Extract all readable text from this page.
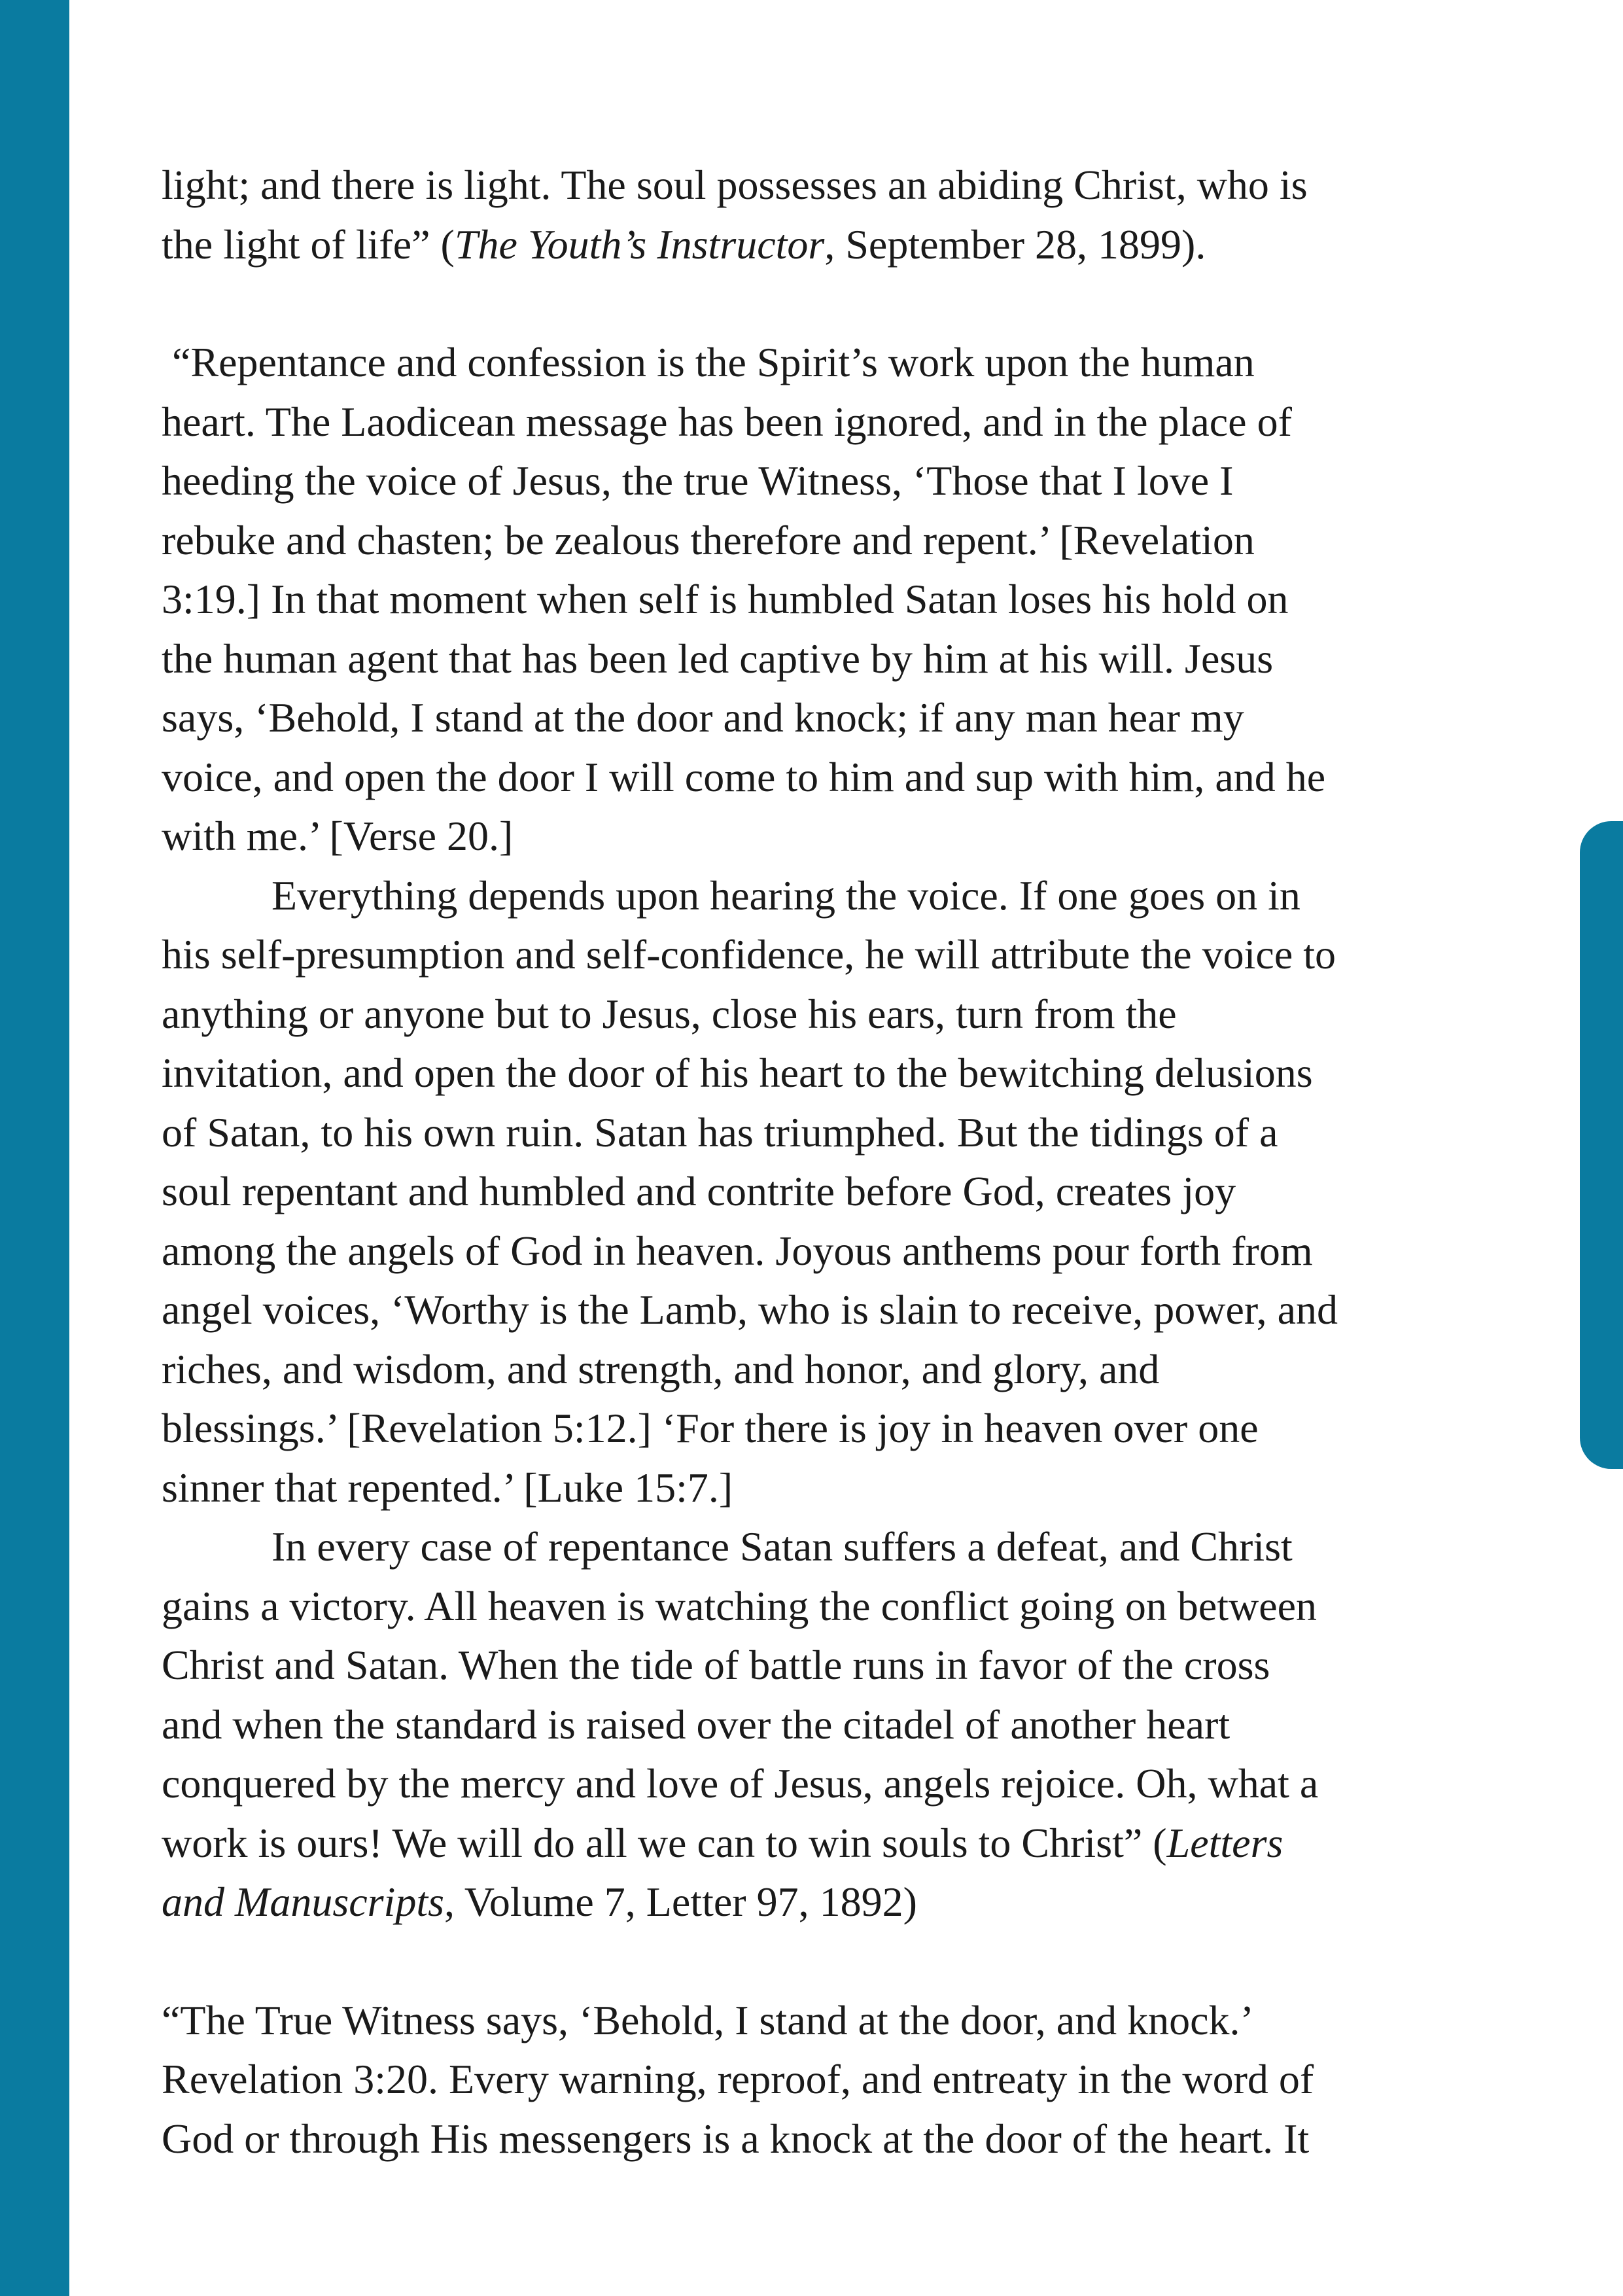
light; and there is light. The soul possesses an abiding Christ, who is
the light of life” (The Youth’s Instructor, September 28, 1899).

“Repentance and confession is the Spirit’s work upon the human

heart. The Laodicean message has been ignored, and in the place of
heeding the voice of Jesus, the true Witness, ‘Those that I love I
rebuke and chasten; be zealous therefore and repent.’ [Revelation
3:19.] In that moment when self is humbled Satan loses his hold on
the human agent that has been led captive by him at his will. Jesus
says, ‘Behold, I stand at the door and knock; if any man hear my
voice, and open the door I will come to him and sup with him, and he
with me.’ [Verse 20.]

Everything depends upon hearing the voice. If one goes on in
his self-presumption and self-confidence, he will attribute the voice to
anything or anyone but to Jesus, close his ears, turn from the
invitation, and open the door of his heart to the bewitching delusions
of Satan, to his own ruin. Satan has triumphed. But the tidings of a
soul repentant and humbled and contrite before God, creates joy
among the angels of God in heaven. Joyous anthems pour forth from
angel voices, ‘Worthy is the Lamb, who is slain to receive, power, and
riches, and wisdom, and strength, and honor, and glory, and
blessings.’ [Revelation 5:12.] ‘For there is joy in heaven over one
sinner that repented.’ [Luke 15:7.]

In every case of repentance Satan suffers a defeat, and Christ
gains a victory. All heaven is watching the conflict going on between
Christ and Satan. When the tide of battle runs in favor of the cross
and when the standard is raised over the citadel of another heart
conquered by the mercy and love of Jesus, angels rejoice. Oh, what a
work is ours! We will do all we can to win souls to Christ” (Letters
and Manuscripts, Volume 7, Letter 97, 1892)

“The True Witness says, ‘Behold, I stand at the door, and knock.’
Revelation 3:20. Every warning, reproof, and entreaty in the word of
God or through His messengers is a knock at the door of the heart. It
